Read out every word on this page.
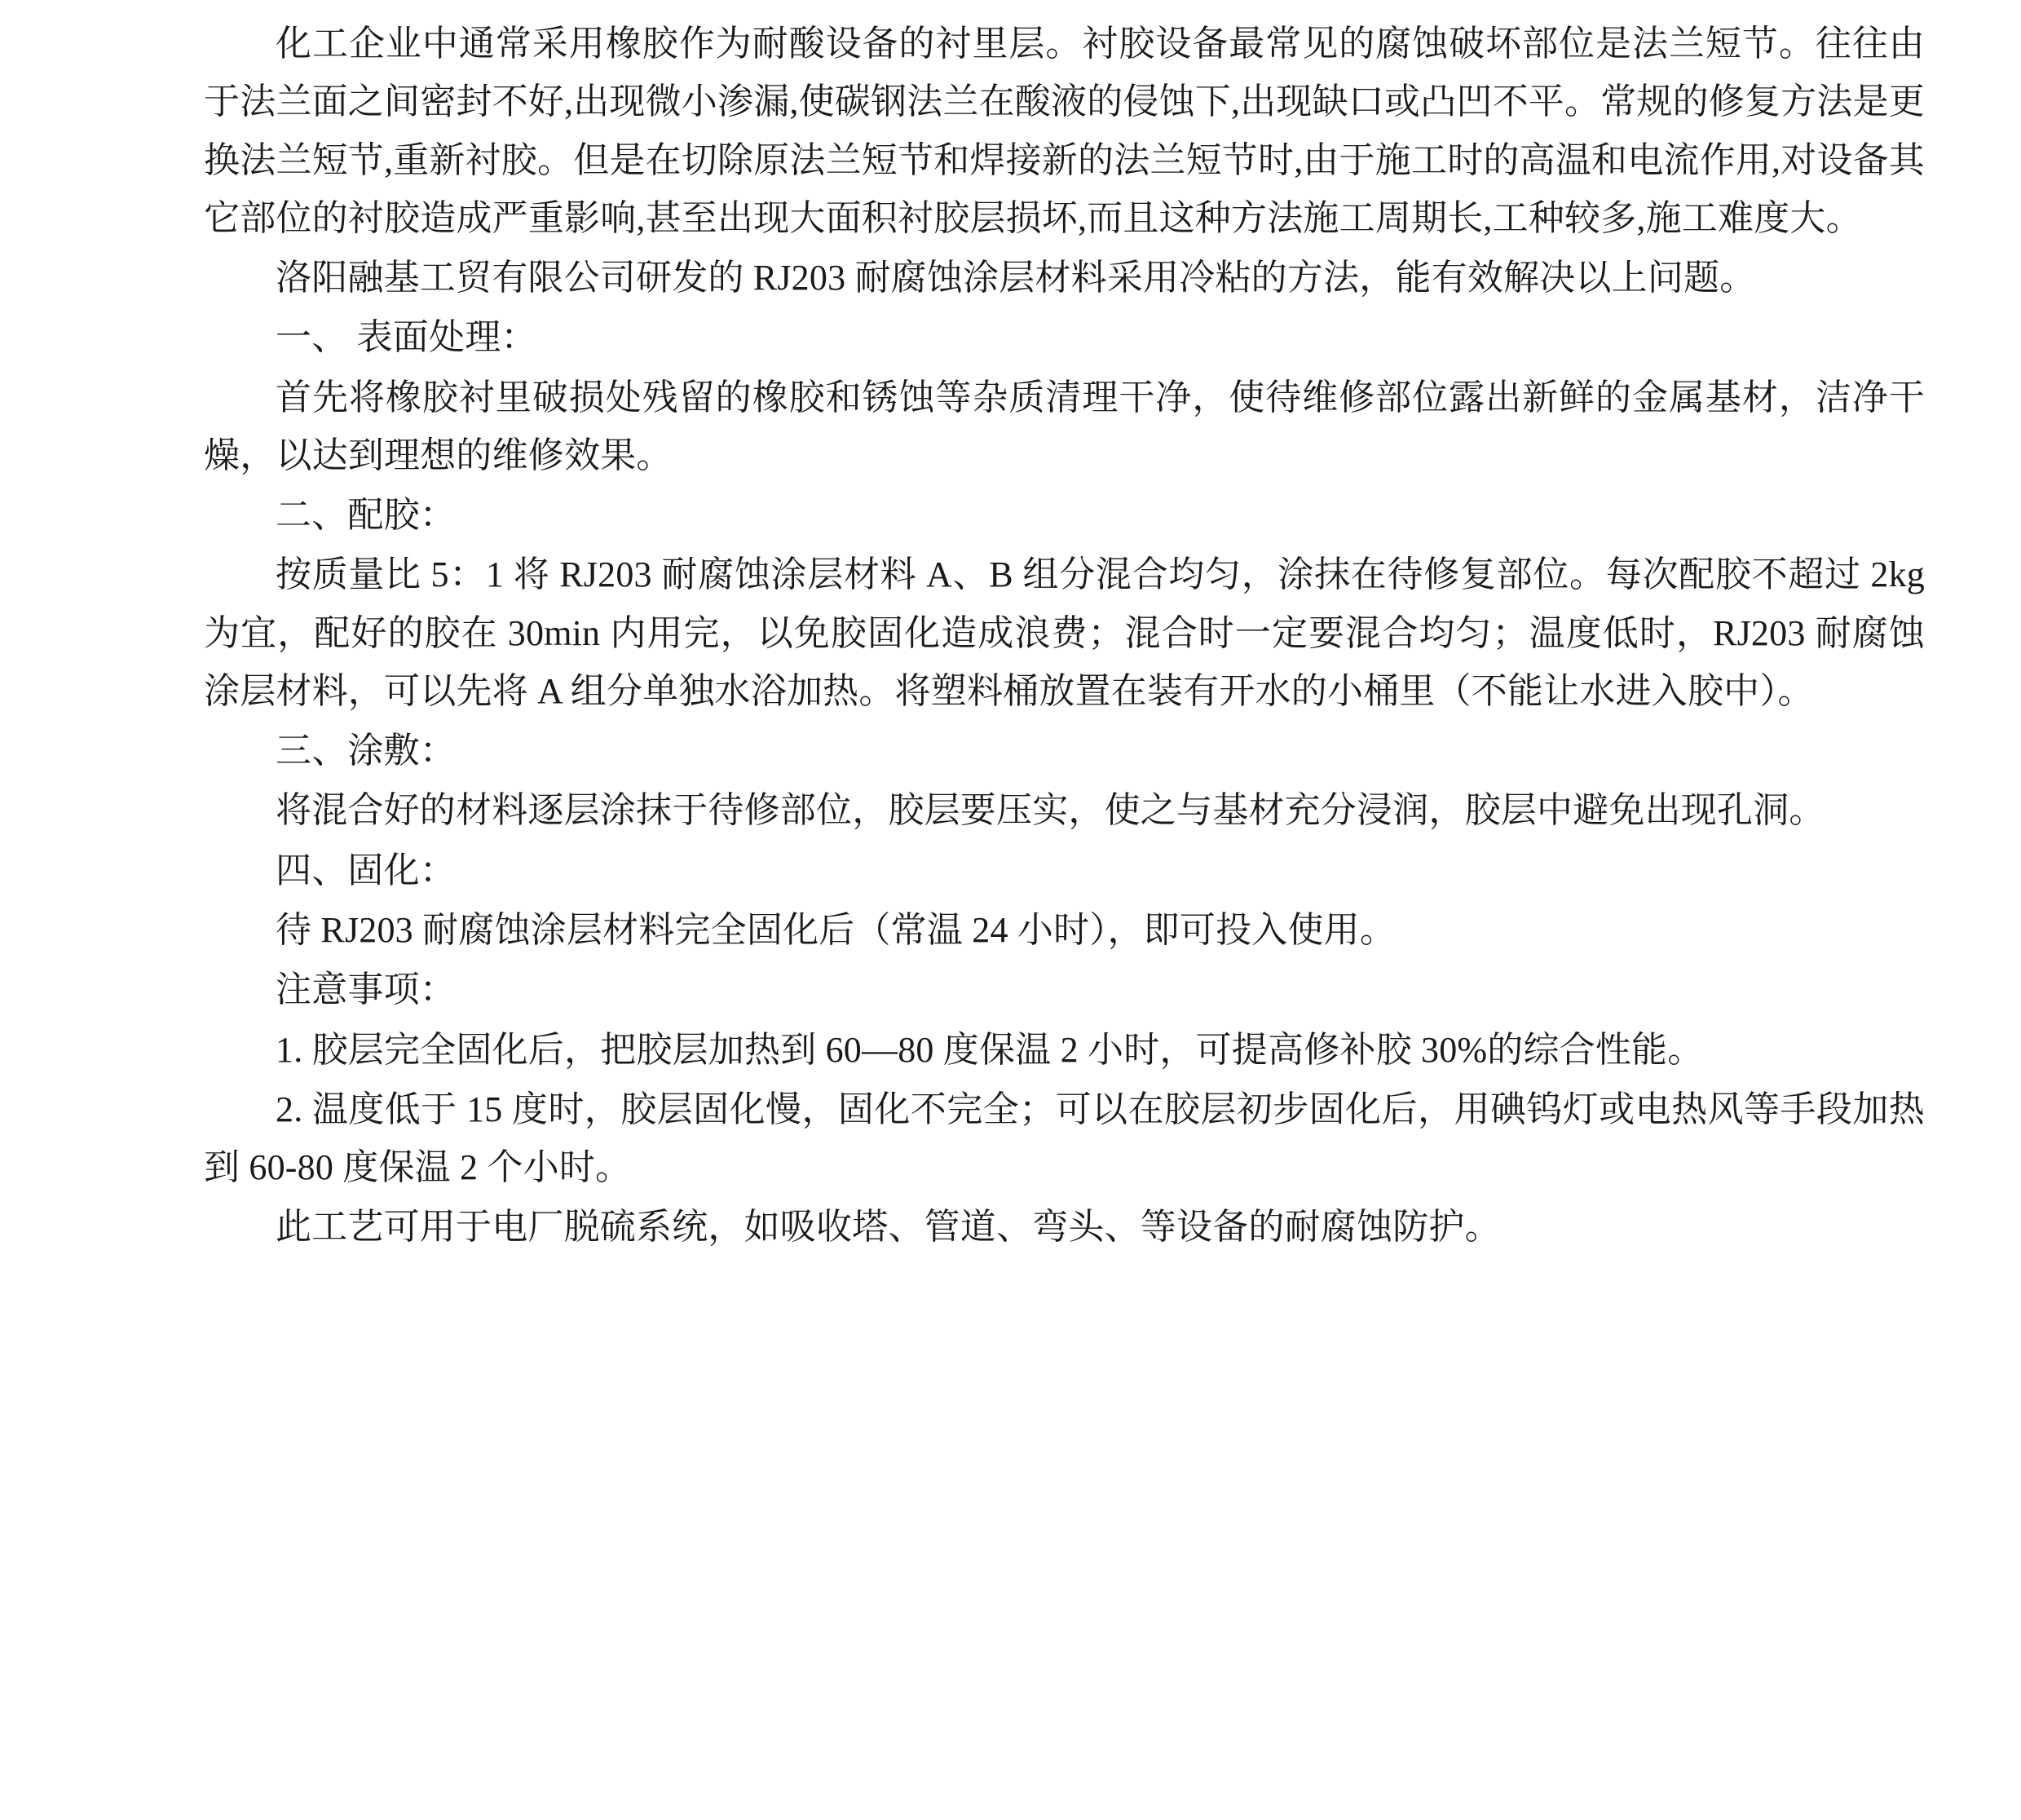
化工企业中通常采用橡胶作为耐酸设备的衬里层。衬胶设备最常见的腐蚀破坏部位是法兰短节。往往由于法兰面之间密封不好,出现微小渗漏,使碳钢法兰在酸液的侵蚀下,出现缺口或凸凹不平。常规的修复方法是更换法兰短节,重新衬胶。但是在切除原法兰短节和焊接新的法兰短节时,由于施工时的高温和电流作用,对设备其它部位的衬胶造成严重影响,甚至出现大面积衬胶层损坏,而且这种方法施工周期长,工种较多,施工难度大。

洛阳融基工贸有限公司研发的 RJ203 耐腐蚀涂层材料采用冷粘的方法，能有效解决以上问题。

一、 表面处理：

首先将橡胶衬里破损处残留的橡胶和锈蚀等杂质清理干净，使待维修部位露出新鲜的金属基材，洁净干燥，以达到理想的维修效果。

二、配胶：

按质量比 5：1 将 RJ203 耐腐蚀涂层材料 A、B 组分混合均匀，涂抹在待修复部位。每次配胶不超过 2kg 为宜，配好的胶在 30min 内用完，以免胶固化造成浪费；混合时一定要混合均匀；温度低时，RJ203 耐腐蚀涂层材料，可以先将 A 组分单独水浴加热。将塑料桶放置在装有开水的小桶里（不能让水进入胶中）。

三、涂敷：

将混合好的材料逐层涂抹于待修部位，胶层要压实，使之与基材充分浸润，胶层中避免出现孔洞。

四、固化：

待 RJ203 耐腐蚀涂层材料完全固化后（常温 24 小时），即可投入使用。

注意事项：

1. 胶层完全固化后，把胶层加热到 60—80 度保温 2 小时，可提高修补胶 30%的综合性能。

2. 温度低于 15 度时，胶层固化慢，固化不完全；可以在胶层初步固化后，用碘钨灯或电热风等手段加热到 60-80 度保温 2 个小时。

此工艺可用于电厂脱硫系统，如吸收塔、管道、弯头、等设备的耐腐蚀防护。
